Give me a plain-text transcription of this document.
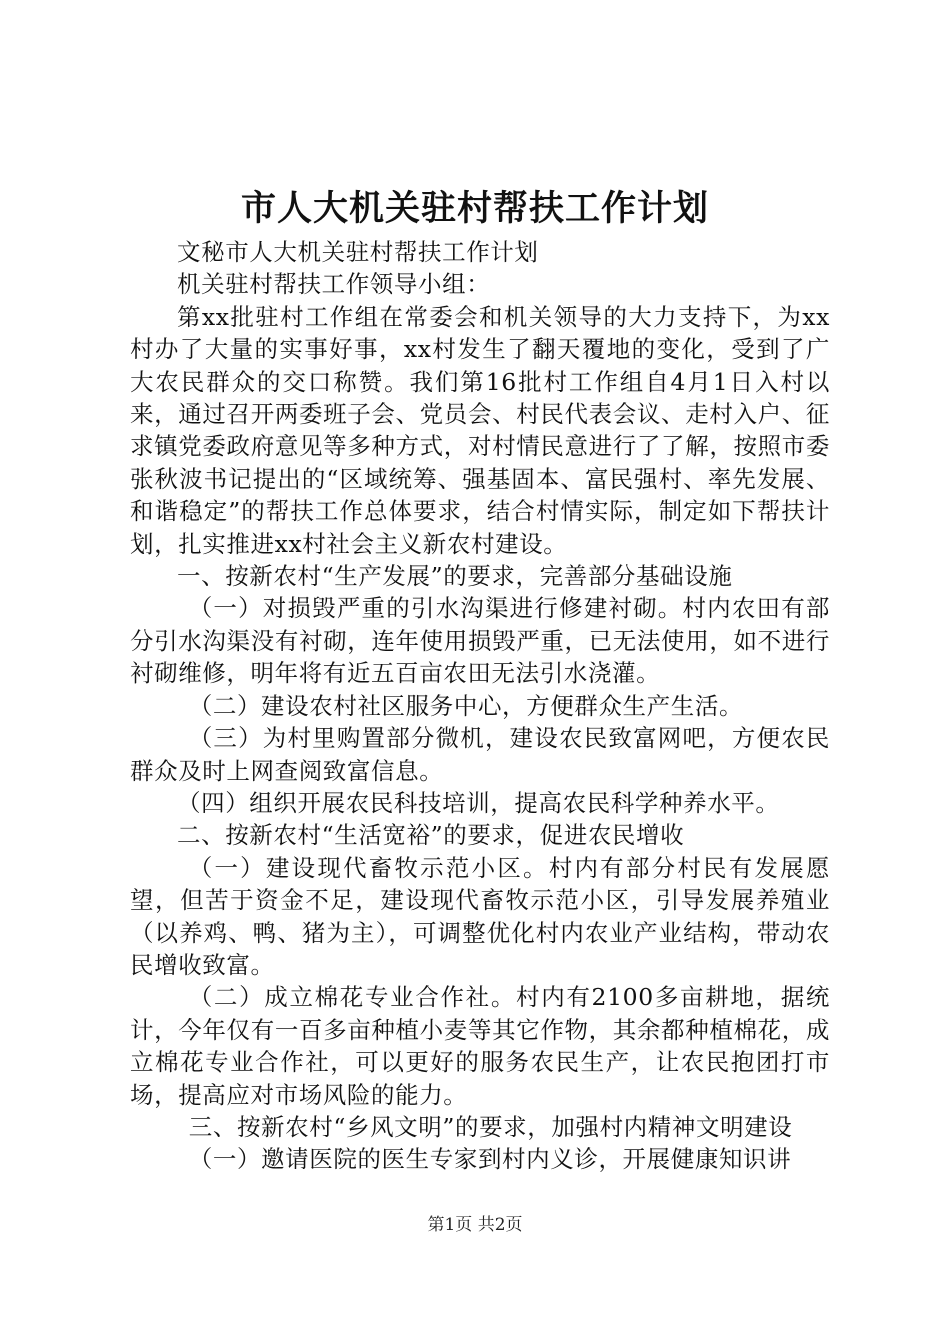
市人大机关驻村帮扶工作计划

文秘市人大机关驻村帮扶工作计划

机关驻村帮扶工作领导小组：

第xx批驻村工作组在常委会和机关领导的大力支持下，为xx村办了大量的实事好事，xx村发生了翻天覆地的变化，受到了广大农民群众的交口称赞。我们第16批村工作组自4月1日入村以来，通过召开两委班子会、党员会、村民代表会议、走村入户、征求镇党委政府意见等多种方式，对村情民意进行了了解，按照市委张秋波书记提出的“区域统筹、强基固本、富民强村、率先发展、和谐稳定”的帮扶工作总体要求，结合村情实际，制定如下帮扶计划，扎实推进xx村社会主义新农村建设。

一、按新农村“生产发展”的要求，完善部分基础设施

（一）对损毁严重的引水沟渠进行修建衬砌。村内农田有部分引水沟渠没有衬砌，连年使用损毁严重，已无法使用，如不进行衬砌维修，明年将有近五百亩农田无法引水浇灌。

（二）建设农村社区服务中心，方便群众生产生活。

（三）为村里购置部分微机，建设农民致富网吧，方便农民群众及时上网查阅致富信息。

（四）组织开展农民科技培训，提高农民科学种养水平。

二、按新农村“生活宽裕”的要求，促进农民增收

（一）建设现代畜牧示范小区。村内有部分村民有发展愿望，但苦于资金不足，建设现代畜牧示范小区，引导发展养殖业（以养鸡、鸭、猪为主），可调整优化村内农业产业结构，带动农民增收致富。

（二）成立棉花专业合作社。村内有2100多亩耕地，据统计，今年仅有一百多亩种植小麦等其它作物，其余都种植棉花，成立棉花专业合作社，可以更好的服务农民生产，让农民抱团打市场，提高应对市场风险的能力。

三、按新农村“乡风文明”的要求，加强村内精神文明建设

（一）邀请医院的医生专家到村内义诊，开展健康知识讲

第1页 共2页
